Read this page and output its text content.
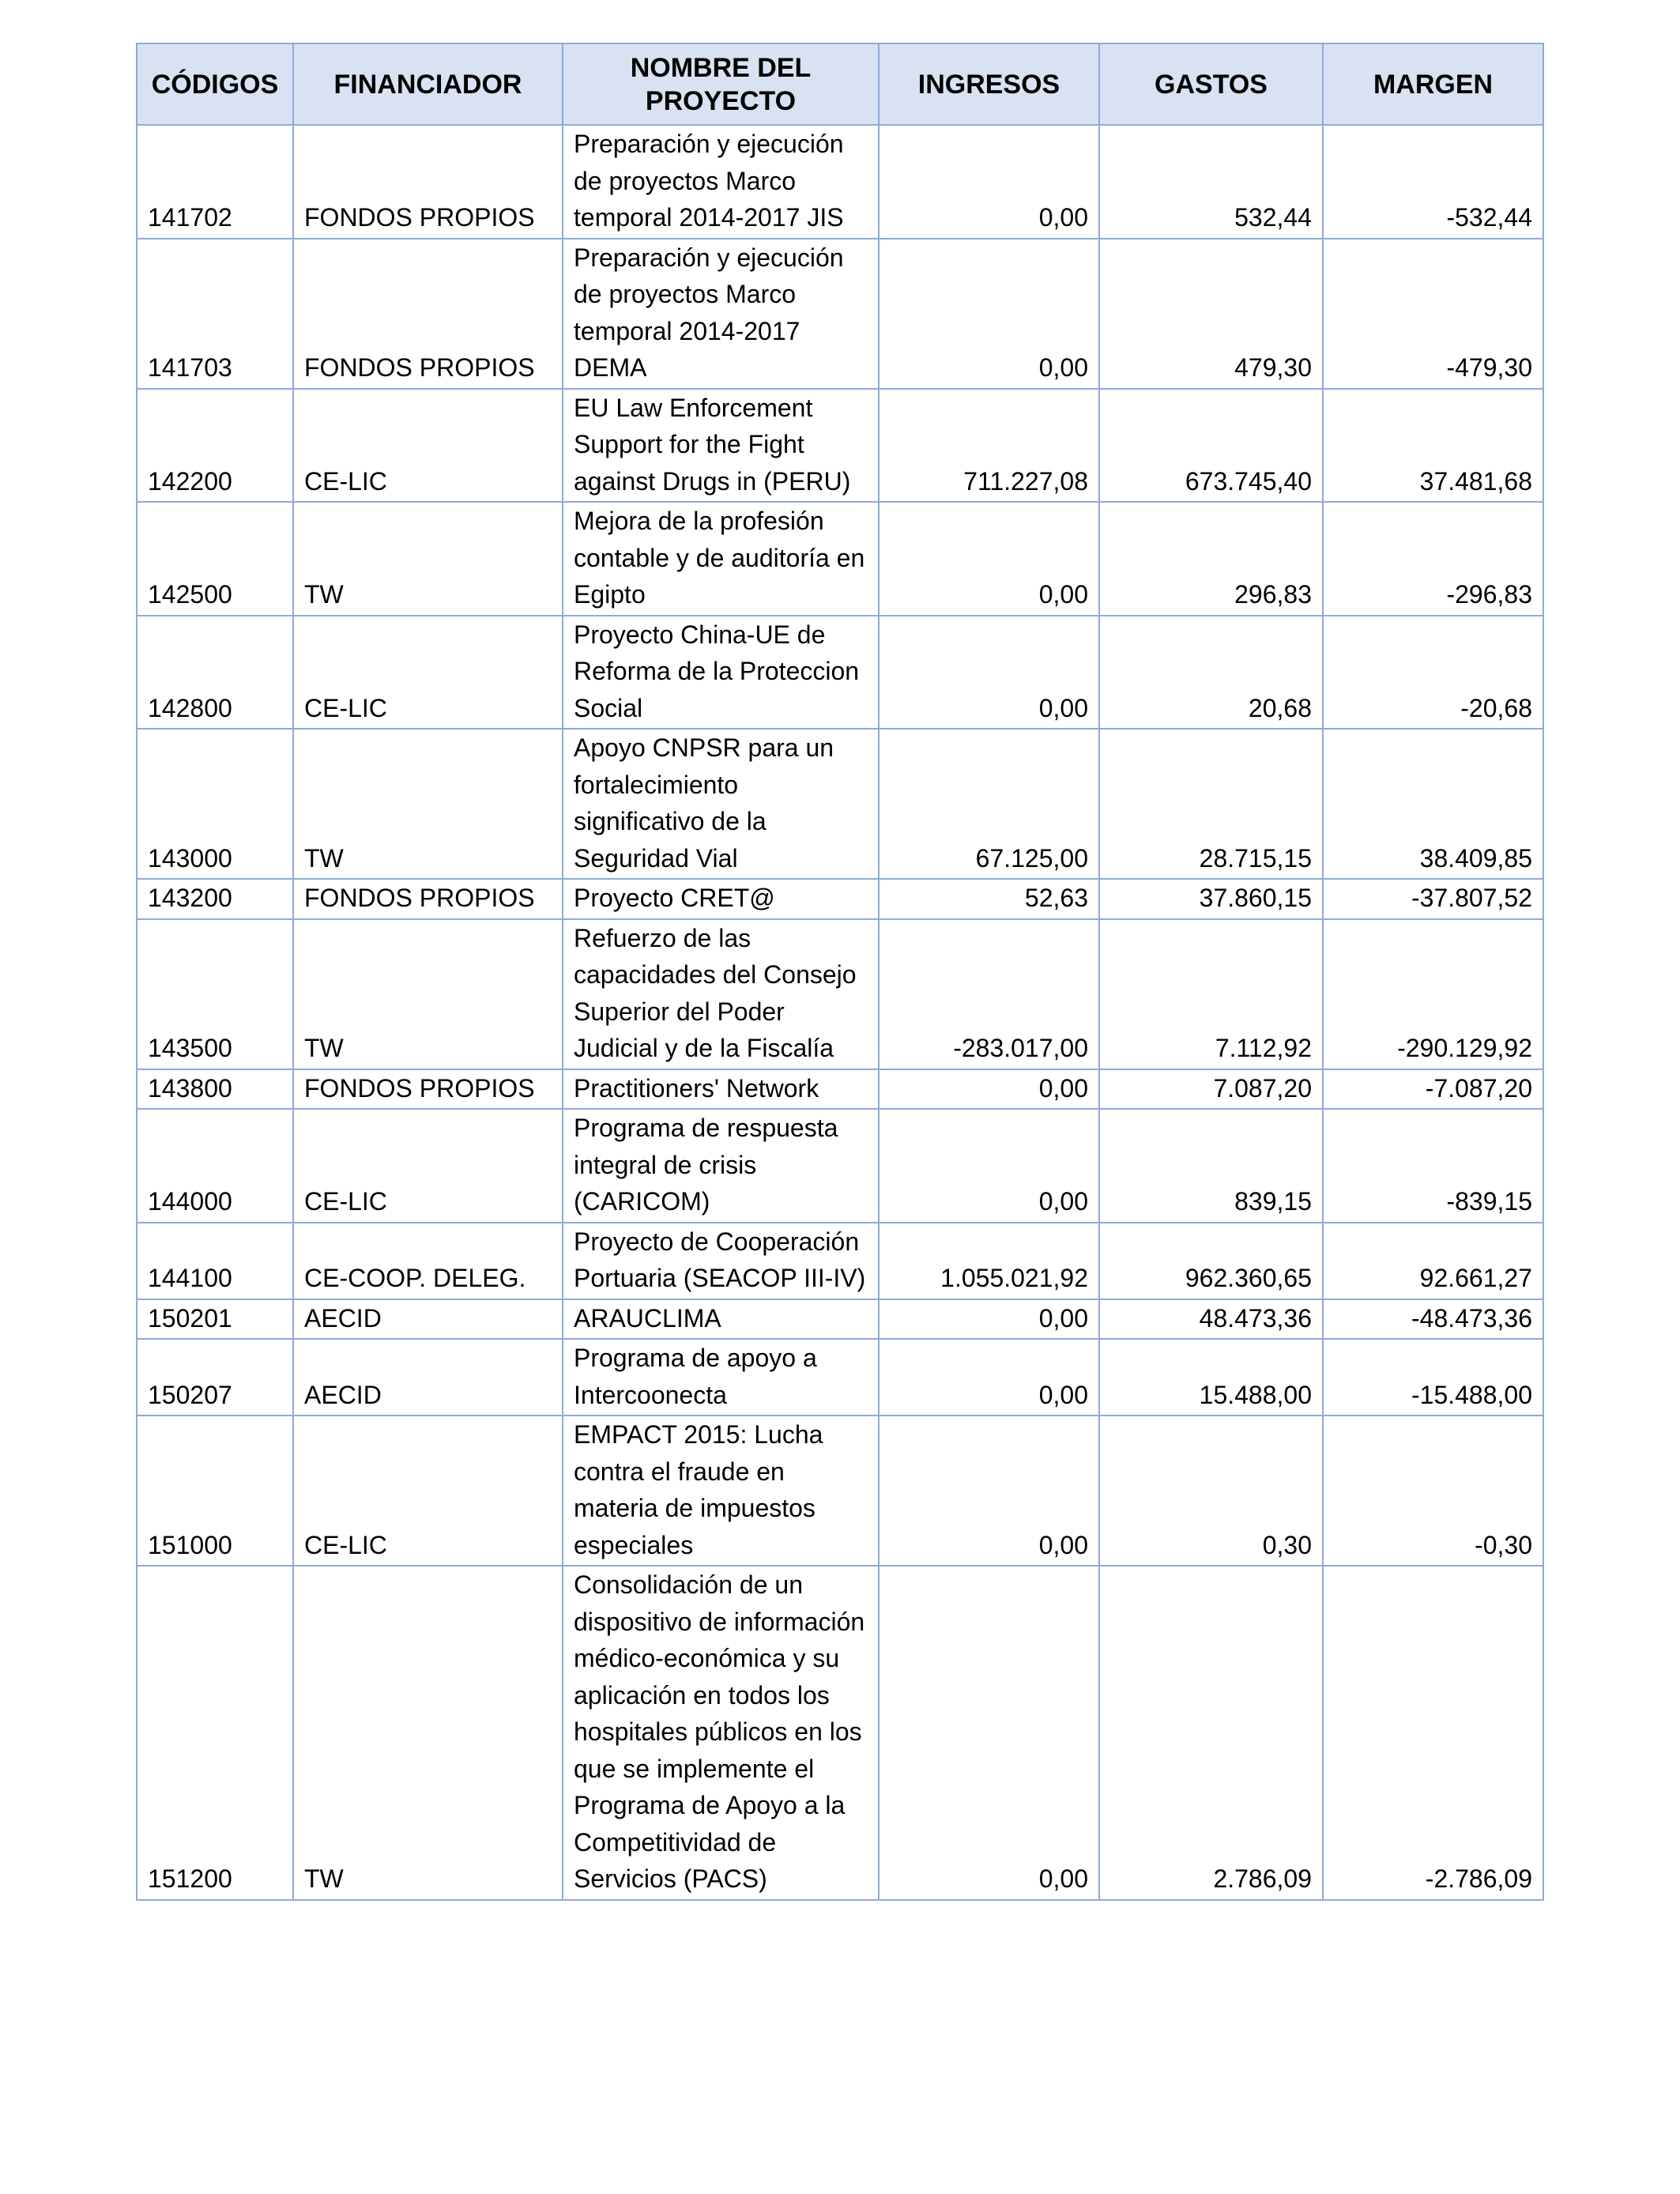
CÓDIGOS	FINANCIADOR	NOMBRE DEL PROYECTO	INGRESOS	GASTOS	MARGEN
141702	FONDOS PROPIOS	Preparación y ejecución de proyectos Marco temporal 2014-2017 JIS	0,00	532,44	-532,44
141703	FONDOS PROPIOS	Preparación y ejecución de proyectos Marco temporal 2014-2017 DEMA	0,00	479,30	-479,30
142200	CE-LIC	EU Law Enforcement Support for the Fight against Drugs in (PERU)	711.227,08	673.745,40	37.481,68
142500	TW	Mejora de la profesión contable y de auditoría en Egipto	0,00	296,83	-296,83
142800	CE-LIC	Proyecto China-UE de Reforma de la Proteccion Social	0,00	20,68	-20,68
143000	TW	Apoyo CNPSR para un fortalecimiento significativo de la Seguridad Vial	67.125,00	28.715,15	38.409,85
143200	FONDOS PROPIOS	Proyecto CRET@	52,63	37.860,15	-37.807,52
143500	TW	Refuerzo de las capacidades del Consejo Superior del Poder Judicial y de la Fiscalía	-283.017,00	7.112,92	-290.129,92
143800	FONDOS PROPIOS	Practitioners' Network	0,00	7.087,20	-7.087,20
144000	CE-LIC	Programa de respuesta integral de crisis (CARICOM)	0,00	839,15	-839,15
144100	CE-COOP. DELEG.	Proyecto de Cooperación Portuaria (SEACOP III-IV)	1.055.021,92	962.360,65	92.661,27
150201	AECID	ARAUCLIMA	0,00	48.473,36	-48.473,36
150207	AECID	Programa de apoyo a Intercoonecta	0,00	15.488,00	-15.488,00
151000	CE-LIC	EMPACT 2015: Lucha contra el fraude en materia de impuestos especiales	0,00	0,30	-0,30
151200	TW	Consolidación de un dispositivo de información médico-económica y su aplicación en todos los hospitales públicos en los que se implemente el Programa de Apoyo a la Competitividad de Servicios (PACS)	0,00	2.786,09	-2.786,09
